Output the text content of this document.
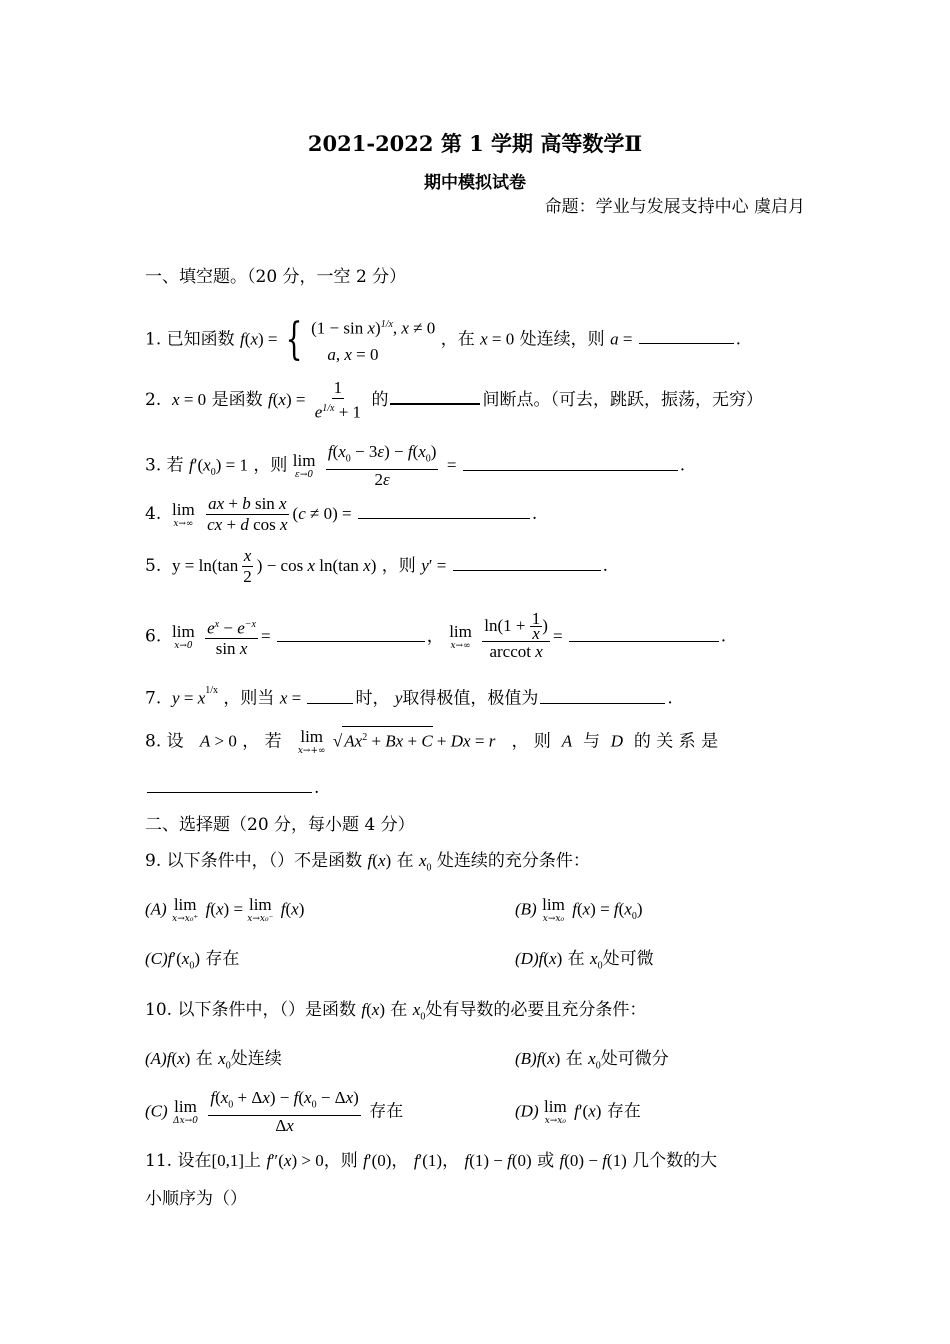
2021-2022 第 1 学期 高等数学Ⅱ
期中模拟试卷
命题：学业与发展支持中心 虞启月
一、填空题。（20 分，一空 2 分）
1. 已知函数 f(x) = { $(1 - \sin x)^{1/x}$, x ≠ 0
a, x = 0
，在 x = 0 处连续，则 a =	.
2. x = 0 是函数 $f(x) = \frac{1}{e^{1/x} + 1}$ 的	间断点。（可去，跳跃，振荡，无穷）
3. 若 $f'(x_0) = 1$ ，则 lim
ε→0
$\frac{f(x_0 - 3\varepsilon) - f(x_0)}{2\varepsilon}$ =	.
4. lim
x→∞
$\frac{\text{ax + b sin x}}{\text{cx + d cos x}} (c \ne 0)$ =	.
5. $y = \ln(\tan \frac{x}{2}$ ) − cos x ln(tan x) ，则 y′ =	.
6. lim
x→0
$\frac{e^x - e^{-x}}{\text{sin x}}$ =	， lim
x→∞
$\frac{\ln(1 + \frac{1}{x} )}{\text{arccot x}}$ =	.
7. $y = x^{1/x}$ ，则当 x =	时， y取得极值，极值为	.
8. 设 A > 0 ， 若 lim
x→+∞
√ $Ax^2 + Bx + C + Dx = r$ ， 则 A 与 D 的 关 系 是
.
二、选择题（20 分，每小题 4 分）
9. 以下条件中，（）不是函数 f(x) 在 $x_0$ 处连续的充分条件：
(A) lim
x→x₀⁺
f(x) = lim
x→x₀⁻
f(x)	(B) lim
x→x₀
$f(x) = f(x_0)$
$(C)f'(x_0)$ 存在	(D)f(x) 在 $x_0$处可微
10. 以下条件中，（）是函数 f(x) 在 $x_0$处有导数的必要且充分条件：
(A)f(x) 在 $x_0$处连续	(B)f(x) 在 $x_0$处可微分
(C) lim
Δx→0
$\frac{f(x_0 + \Delta x) - f(x_0 - \Delta x)}{\Delta x}$ 存在	(D) lim
x→x₀
f′(x) 存在
11. 设在[0,1]上 f″(x) > 0，则 f′(0)， f′(1)， f(1) − f(0) 或 f(0) − f(1) 几个数的大
小顺序为（）
